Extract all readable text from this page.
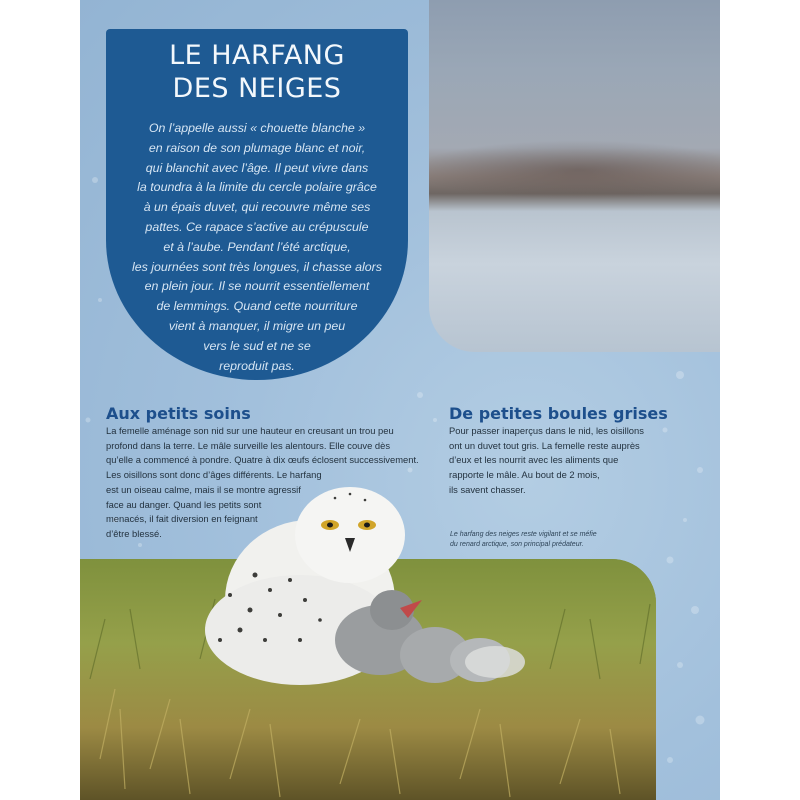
LE HARFANG
DES NEIGES
On l’appelle aussi « chouette blanche »
en raison de son plumage blanc et noir,
qui blanchit avec l’âge. Il peut vivre dans
la toundra à la limite du cercle polaire grâce
à un épais duvet, qui recouvre même ses
pattes. Ce rapace s’active au crépuscule
et à l’aube. Pendant l’été arctique,
les journées sont très longues, il chasse alors
en plein jour. Il se nourrit essentiellement
de lemmings. Quand cette nourriture
vient à manquer, il migre un peu
vers le sud et ne se
reproduit pas.
Aux petits soins

La femelle aménage son nid sur une hauteur en creusant un trou peu
profond dans la terre. Le mâle surveille les alentours. Elle couve dès
qu’elle a commencé à pondre. Quatre à dix œufs éclosent successivement.
Les oisillons sont donc d’âges différents. Le harfang
est un oiseau calme, mais il se montre agressif
face au danger. Quand les petits sont
menacés, il fait diversion en feignant
d’être blessé.

De petites boules grises

Pour passer inaperçus dans le nid, les oisillons
ont un duvet tout gris. La femelle reste auprès
d’eux et les nourrit avec les aliments que
rapporte le mâle. Au bout de 2 mois,
ils savent chasser.

Le harfang des neiges reste vigilant et se méfie
du renard arctique, son principal prédateur.
